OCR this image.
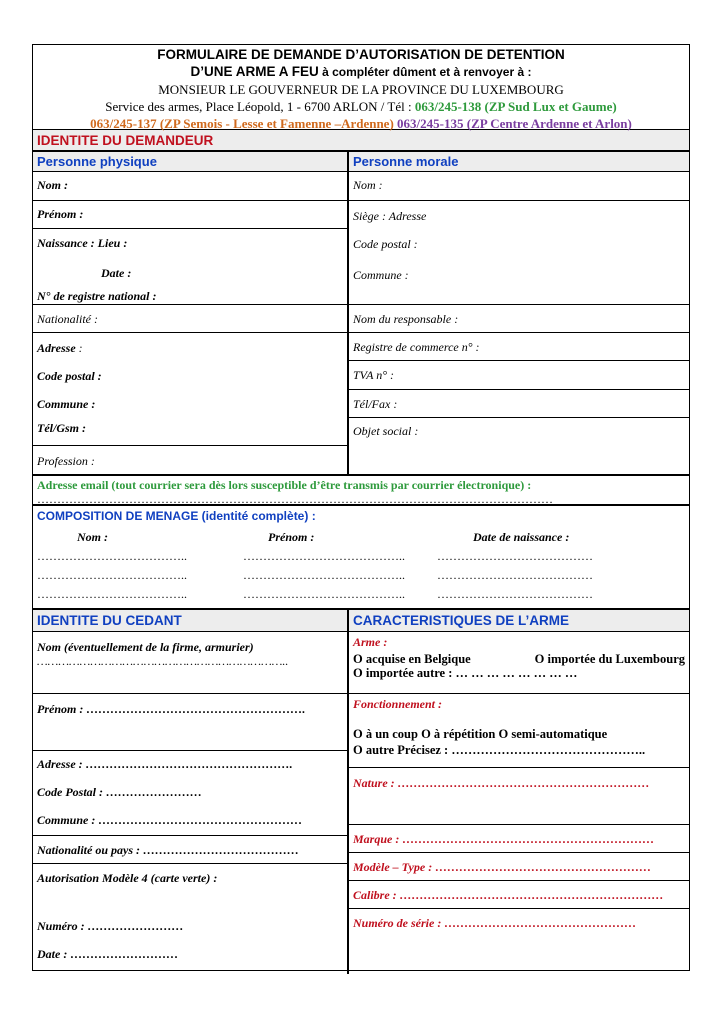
FORMULAIRE DE DEMANDE D’AUTORISATION DE DETENTION
D’UNE ARME A FEU à compléter dûment et à renvoyer à :
MONSIEUR LE GOUVERNEUR DE LA PROVINCE DU LUXEMBOURG
Service des armes, Place Léopold, 1 - 6700 ARLON / Tél : 063/245-138 (ZP Sud Lux et Gaume)
063/245-137 (ZP Semois - Lesse et Famenne –Ardenne) 063/245-135 (ZP Centre Ardenne et Arlon)
IDENTITE DU DEMANDEUR
Personne physique
Nom :
Prénom :
Naissance : Lieu :
Date :
N° de registre national :
Nationalité :
Adresse :
Code postal :
Commune :
Tél/Gsm :
Profession :
Personne morale
Nom :
Siège : Adresse
Code postal :
Commune :
Nom du responsable :
Registre de commerce n° :
TVA n° :
Tél/Fax :
Objet social :
Adresse email (tout courrier sera dès lors susceptible d’être transmis par courrier électronique) :
…………………………………………………………………………………………………………………
COMPOSITION DE MENAGE (identité complète) :
Nom :	Prénom :	Date de naissance :
………………………………..	…………………………………..	…………………………………
………………………………..	…………………………………..	…………………………………
………………………………..	…………………………………..	…………………………………
IDENTITE DU CEDANT
Nom (éventuellement de la firme, armurier)
……………………………………………………………..
Prénom : ……………………………………………….
Adresse : …………………………………………….
Code Postal : ……………………
Commune : ……………………………………………
Nationalité ou pays : …………………………………
Autorisation Modèle 4 (carte verte) :
Numéro : ……………………
Date : ………………………
CARACTERISTIQUES DE L’ARME
Arme :
O acquise en Belgique	O importée du Luxembourg
O importée autre : … … … … … … … …
Fonctionnement :
O à un coup O à répétition O semi-automatique
O autre Précisez : ………………………………………..
Nature : ………………………………………………………
Marque : ………………………………………………………
Modèle – Type : ………………………………………………
Calibre : …………………………………………………………
Numéro de série : …………………………………………
